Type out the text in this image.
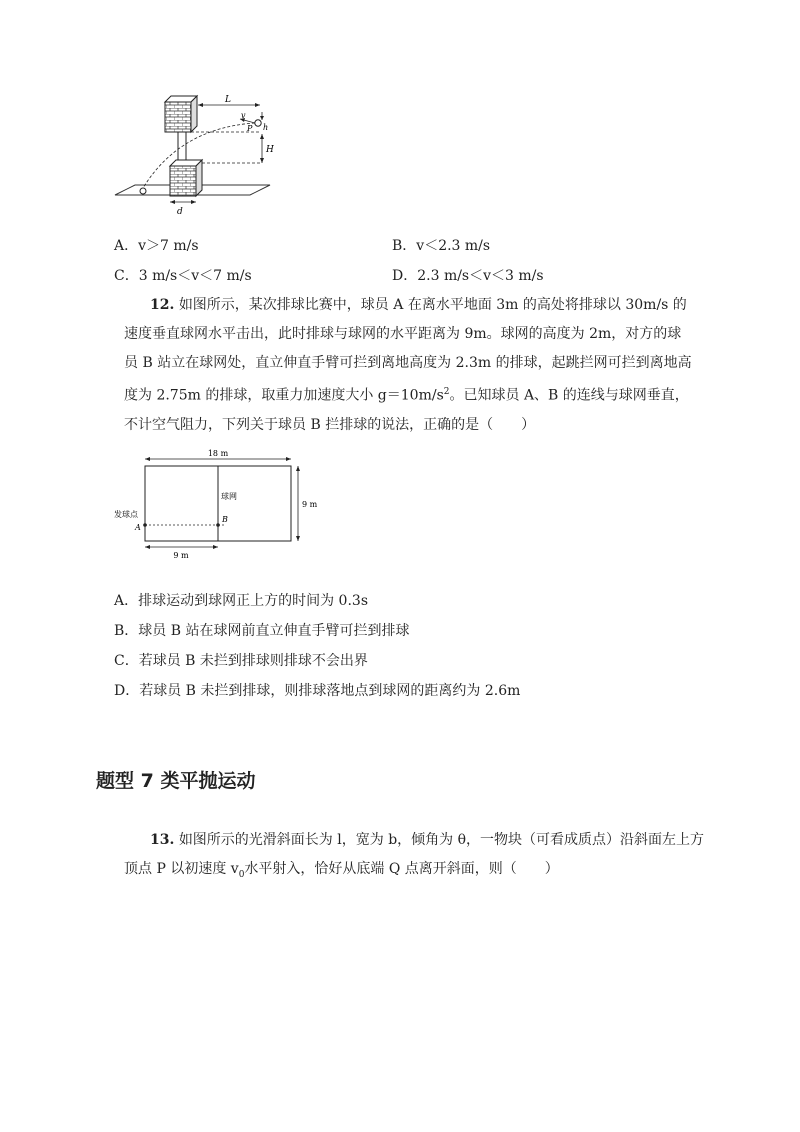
L
v
P h
H
d
A．v＞7 m/s	B．v＜2.3 m/s
C．3 m/s＜v＜7 m/s	D．2.3 m/s＜v＜3 m/s
12. 如图所示，某次排球比赛中，球员 A 在离水平地面 3m 的高处将排球以 30m/s 的速度垂直球网水平击出，此时排球与球网的水平距离为 9m。球网的高度为 2m，对方的球员 B 站立在球网处，直立伸直手臂可拦到离地高度为 2.3m 的排球，起跳拦网可拦到离地高度为 2.75m 的排球，取重力加速度大小 $g=10m/s^2$。已知球员 A、B 的连线与球网垂直，不计空气阻力，下列关于球员 B 拦排球的说法，正确的是（　　）
18 m
球网
9 m
发球点
A
B
9 m
A．排球运动到球网正上方的时间为 0.3s
B．球员 B 站在球网前直立伸直手臂可拦到排球
C．若球员 B 未拦到排球则排球不会出界
D．若球员 B 未拦到排球，则排球落地点到球网的距离约为 2.6m
题型 7 类平抛运动
13. 如图所示的光滑斜面长为 l，宽为 b，倾角为 θ，一物块（可看成质点）沿斜面左上方顶点 P 以初速度 $v_0$水平射入，恰好从底端 Q 点离开斜面，则（　　）
